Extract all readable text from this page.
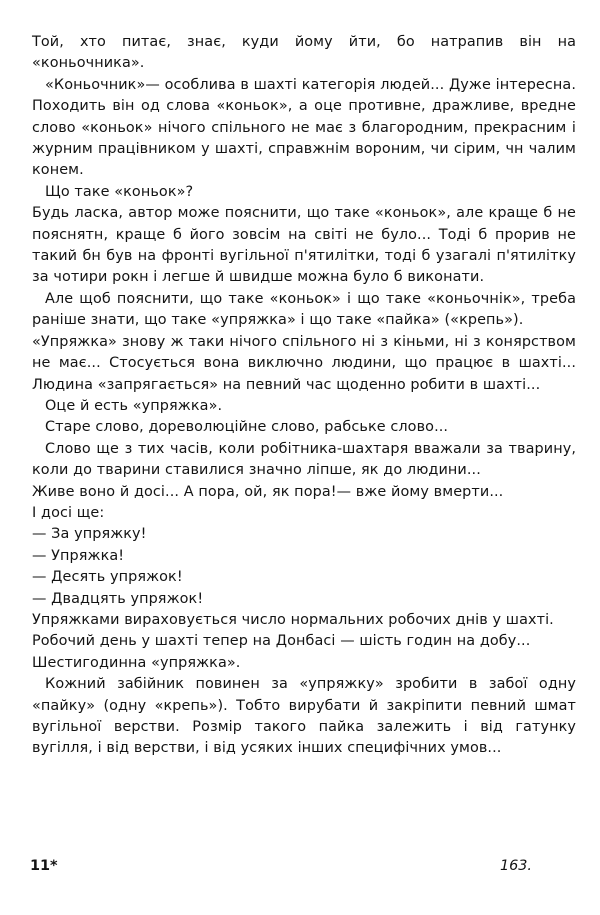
Той, хто питає, знає, куди йому йти, бо натрапив він на «коньочника».

«Коньочник»— особлива в шахті категорія людей... Дуже інтересна. Походить він од слова «коньок», а оце противне, дражливе, вредне слово «коньок» нічого спільного не має з благородним, прекрасним і журним працівником у шахті, справжнім вороним, чи сірим, чн чалим конем.

Що таке «коньок»?

Будь ласка, автор може пояснити, що таке «коньок», але краще б не пояснятн, краще б його зовсім на світі не було... Тоді б прорив не такий бн був на фронті вугільної п'ятилітки, тоді б узагалі п'ятилітку за чотири рокн і легше й швидше можна було б виконати.

Але щоб пояснити, що таке «коньок» і що таке «коньочнік», треба раніше знати, що таке «упряжка» і що таке «пайка» («крепь»).

«Упряжка» знову ж таки нічого спільного ні з кіньми, ні з конярством не має... Стосується вона виключно людини, що працює в шахті... Людина «запрягається» на певний час щоденно робити в шахті...

Оце й есть «упряжка».

Старе слово, дореволюційне слово, рабське слово...

Слово ще з тих часів, коли робітника-шахтаря вважали за тварину, коли до тварини ставилися значно ліпше, як до людини...

Живе воно й досі... А пора, ой, як пора!— вже йому вмерти...

І досі ще:

— За упряжку!

— Упряжка!

— Десять упряжок!

— Двадцять упряжок!

Упряжками вираховується число нормальних робочих днів у шахті.

Робочий день у шахті тепер на Донбасі — шість годин на добу...

Шестигодинна «упряжка».

Кожний забійник повинен за «упряжку» зробити в забої одну «пайку» (одну «крепь»). Тобто вирубати й закріпити певний шмат вугільної верстви. Розмір такого пайка залежить і від гатунку вугілля, і від верстви, і від усяких інших специфічних умов...

11*	163.
